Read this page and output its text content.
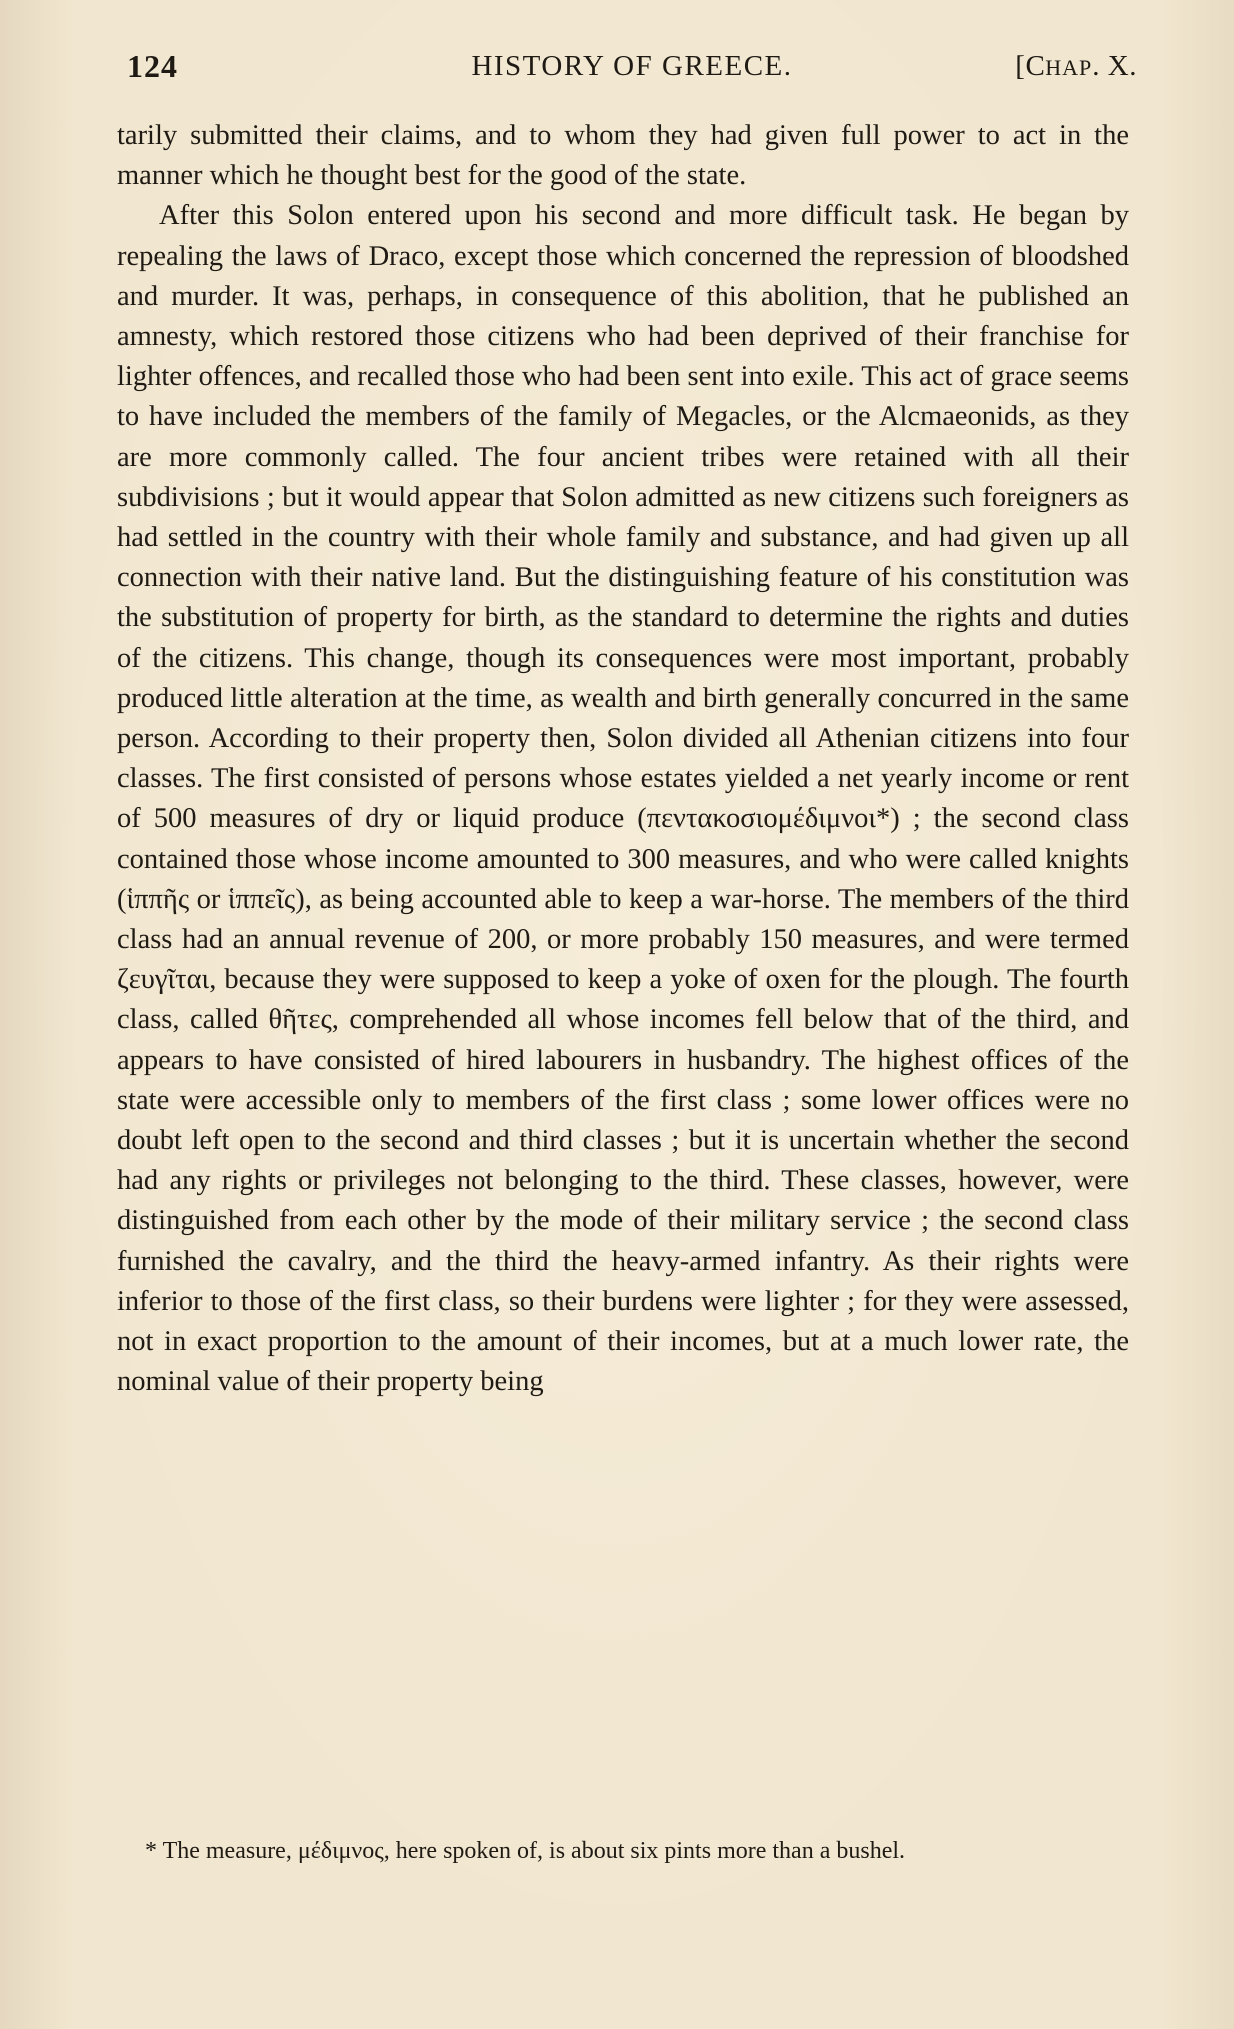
124	HISTORY OF GREECE.	[CHAP. X.

tarily submitted their claims, and to whom they had given full power to act in the manner which he thought best for the good of the state.

After this Solon entered upon his second and more difficult task. He began by repealing the laws of Draco, except those which concerned the repression of bloodshed and murder. It was, perhaps, in consequence of this abolition, that he published an amnesty, which restored those citizens who had been deprived of their franchise for lighter offences, and recalled those who had been sent into exile. This act of grace seems to have included the members of the family of Megacles, or the Alcmaeonids, as they are more commonly called. The four ancient tribes were retained with all their subdivisions ; but it would appear that Solon admitted as new citizens such foreigners as had settled in the country with their whole family and substance, and had given up all connection with their native land. But the distinguishing feature of his constitution was the substitution of property for birth, as the standard to determine the rights and duties of the citizens. This change, though its consequences were most important, probably produced little alteration at the time, as wealth and birth generally concurred in the same person. According to their property then, Solon divided all Athenian citizens into four classes. The first consisted of persons whose estates yielded a net yearly income or rent of 500 measures of dry or liquid produce (πεντακοσιομέδιμνοι*) ; the second class contained those whose income amounted to 300 measures, and who were called knights (ἱππῆς or ἱππεῖς), as being accounted able to keep a war-horse. The members of the third class had an annual revenue of 200, or more probably 150 measures, and were termed ζευγῖται, because they were supposed to keep a yoke of oxen for the plough. The fourth class, called θῆτες, comprehended all whose incomes fell below that of the third, and appears to have consisted of hired labourers in husbandry. The highest offices of the state were accessible only to members of the first class ; some lower offices were no doubt left open to the second and third classes ; but it is uncertain whether the second had any rights or privileges not belonging to the third. These classes, however, were distinguished from each other by the mode of their military service ; the second class furnished the cavalry, and the third the heavy-armed infantry. As their rights were inferior to those of the first class, so their burdens were lighter ; for they were assessed, not in exact proportion to the amount of their incomes, but at a much lower rate, the nominal value of their property being

* The measure, μέδιμνος, here spoken of, is about six pints more than a bushel.
